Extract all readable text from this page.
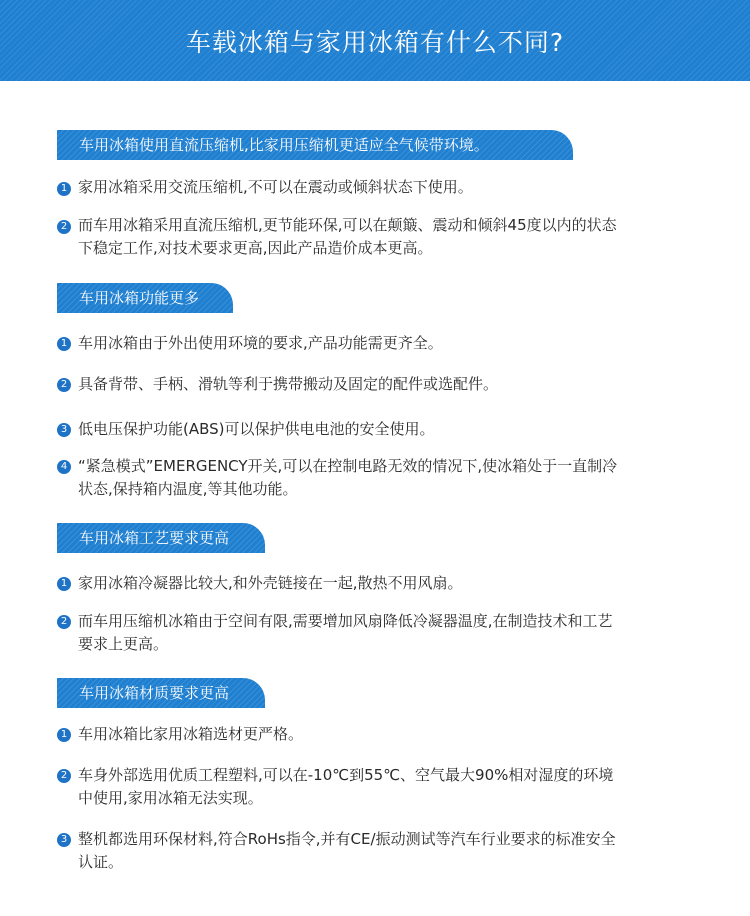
车载冰箱与家用冰箱有什么不同?
车用冰箱使用直流压缩机,比家用压缩机更适应全气候带环境。
1 家用冰箱采用交流压缩机,不可以在震动或倾斜状态下使用。
2 而车用冰箱采用直流压缩机,更节能环保,可以在颠簸、震动和倾斜45度以内的状态下稳定工作,对技术要求更高,因此产品造价成本更高。
车用冰箱功能更多
1 车用冰箱由于外出使用环境的要求,产品功能需更齐全。
2 具备背带、手柄、滑轨等利于携带搬动及固定的配件或选配件。
3 低电压保护功能(ABS)可以保护供电电池的安全使用。
4 “紧急模式”EMERGENCY开关,可以在控制电路无效的情况下,使冰箱处于一直制冷状态,保持箱内温度,等其他功能。
车用冰箱工艺要求更高
1 家用冰箱冷凝器比较大,和外壳链接在一起,散热不用风扇。
2 而车用压缩机冰箱由于空间有限,需要增加风扇降低冷凝器温度,在制造技术和工艺要求上更高。
车用冰箱材质要求更高
1 车用冰箱比家用冰箱选材更严格。
2 车身外部选用优质工程塑料,可以在-10℃到55℃、空气最大90%相对湿度的环境中使用,家用冰箱无法实现。
3 整机都选用环保材料,符合RoHs指令,并有CE/振动测试等汽车行业要求的标准安全认证。
